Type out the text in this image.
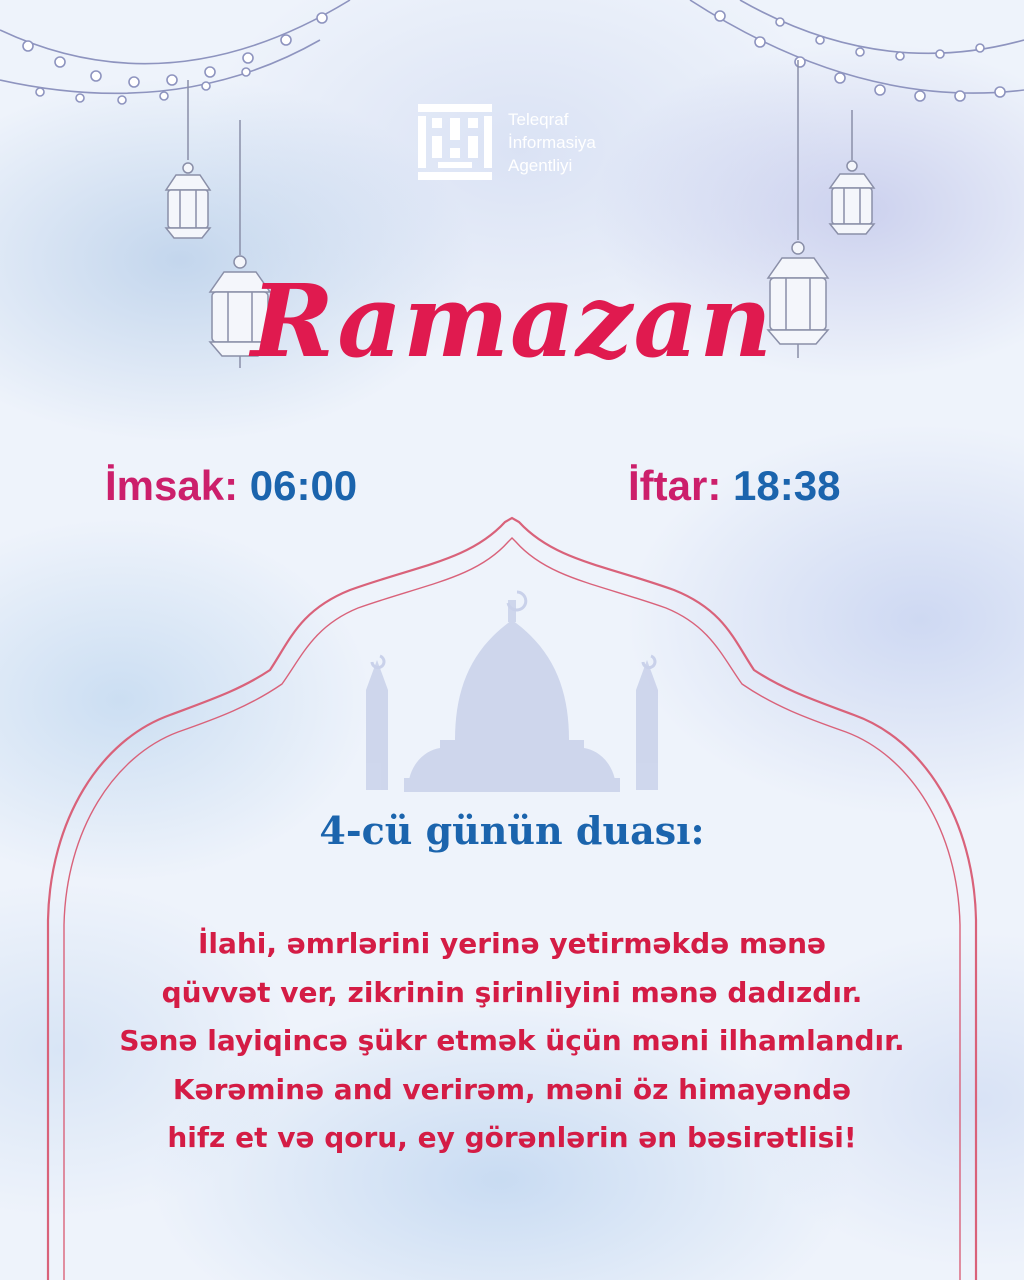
Teleqraf
İnformasiya
Agentliyi
Ramazan
İmsak: 06:00	İftar: 18:38
4-cü günün duası:
İlahi, əmrlərini yerinə yetirməkdə mənə
qüvvət ver, zikrinin şirinliyini mənə dadızdır.
Sənə layiqincə şükr etmək üçün məni ilhamlandır.
Kərəminə and verirəm, məni öz himayəndə
hifz et və qoru, ey görənlərin ən bəsirətlisi!
